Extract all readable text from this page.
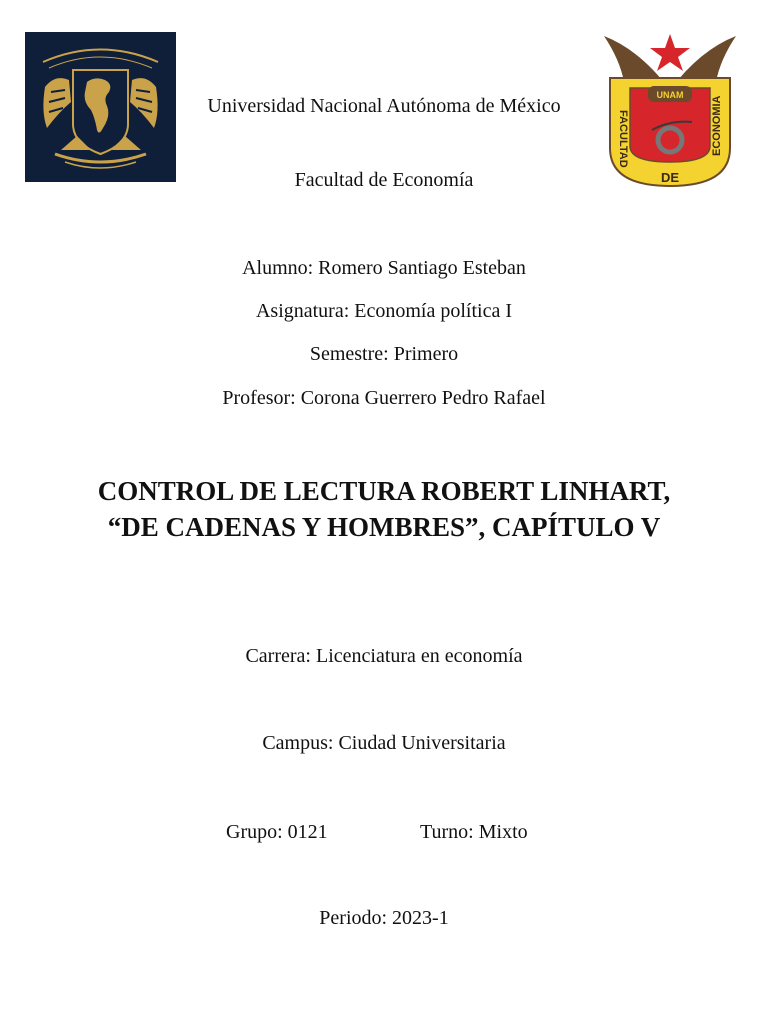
UNAM
FACULTAD	ECONOMIA
DE
Universidad Nacional Autónoma de México
Facultad de Economía
Alumno: Romero Santiago Esteban
Asignatura: Economía política I
Semestre: Primero
Profesor: Corona Guerrero Pedro Rafael
CONTROL DE LECTURA ROBERT LINHART, “DE CADENAS Y HOMBRES”, CAPÍTULO V
Carrera: Licenciatura en economía
Campus: Ciudad Universitaria
Grupo: 0121	Turno: Mixto
Periodo: 2023-1
